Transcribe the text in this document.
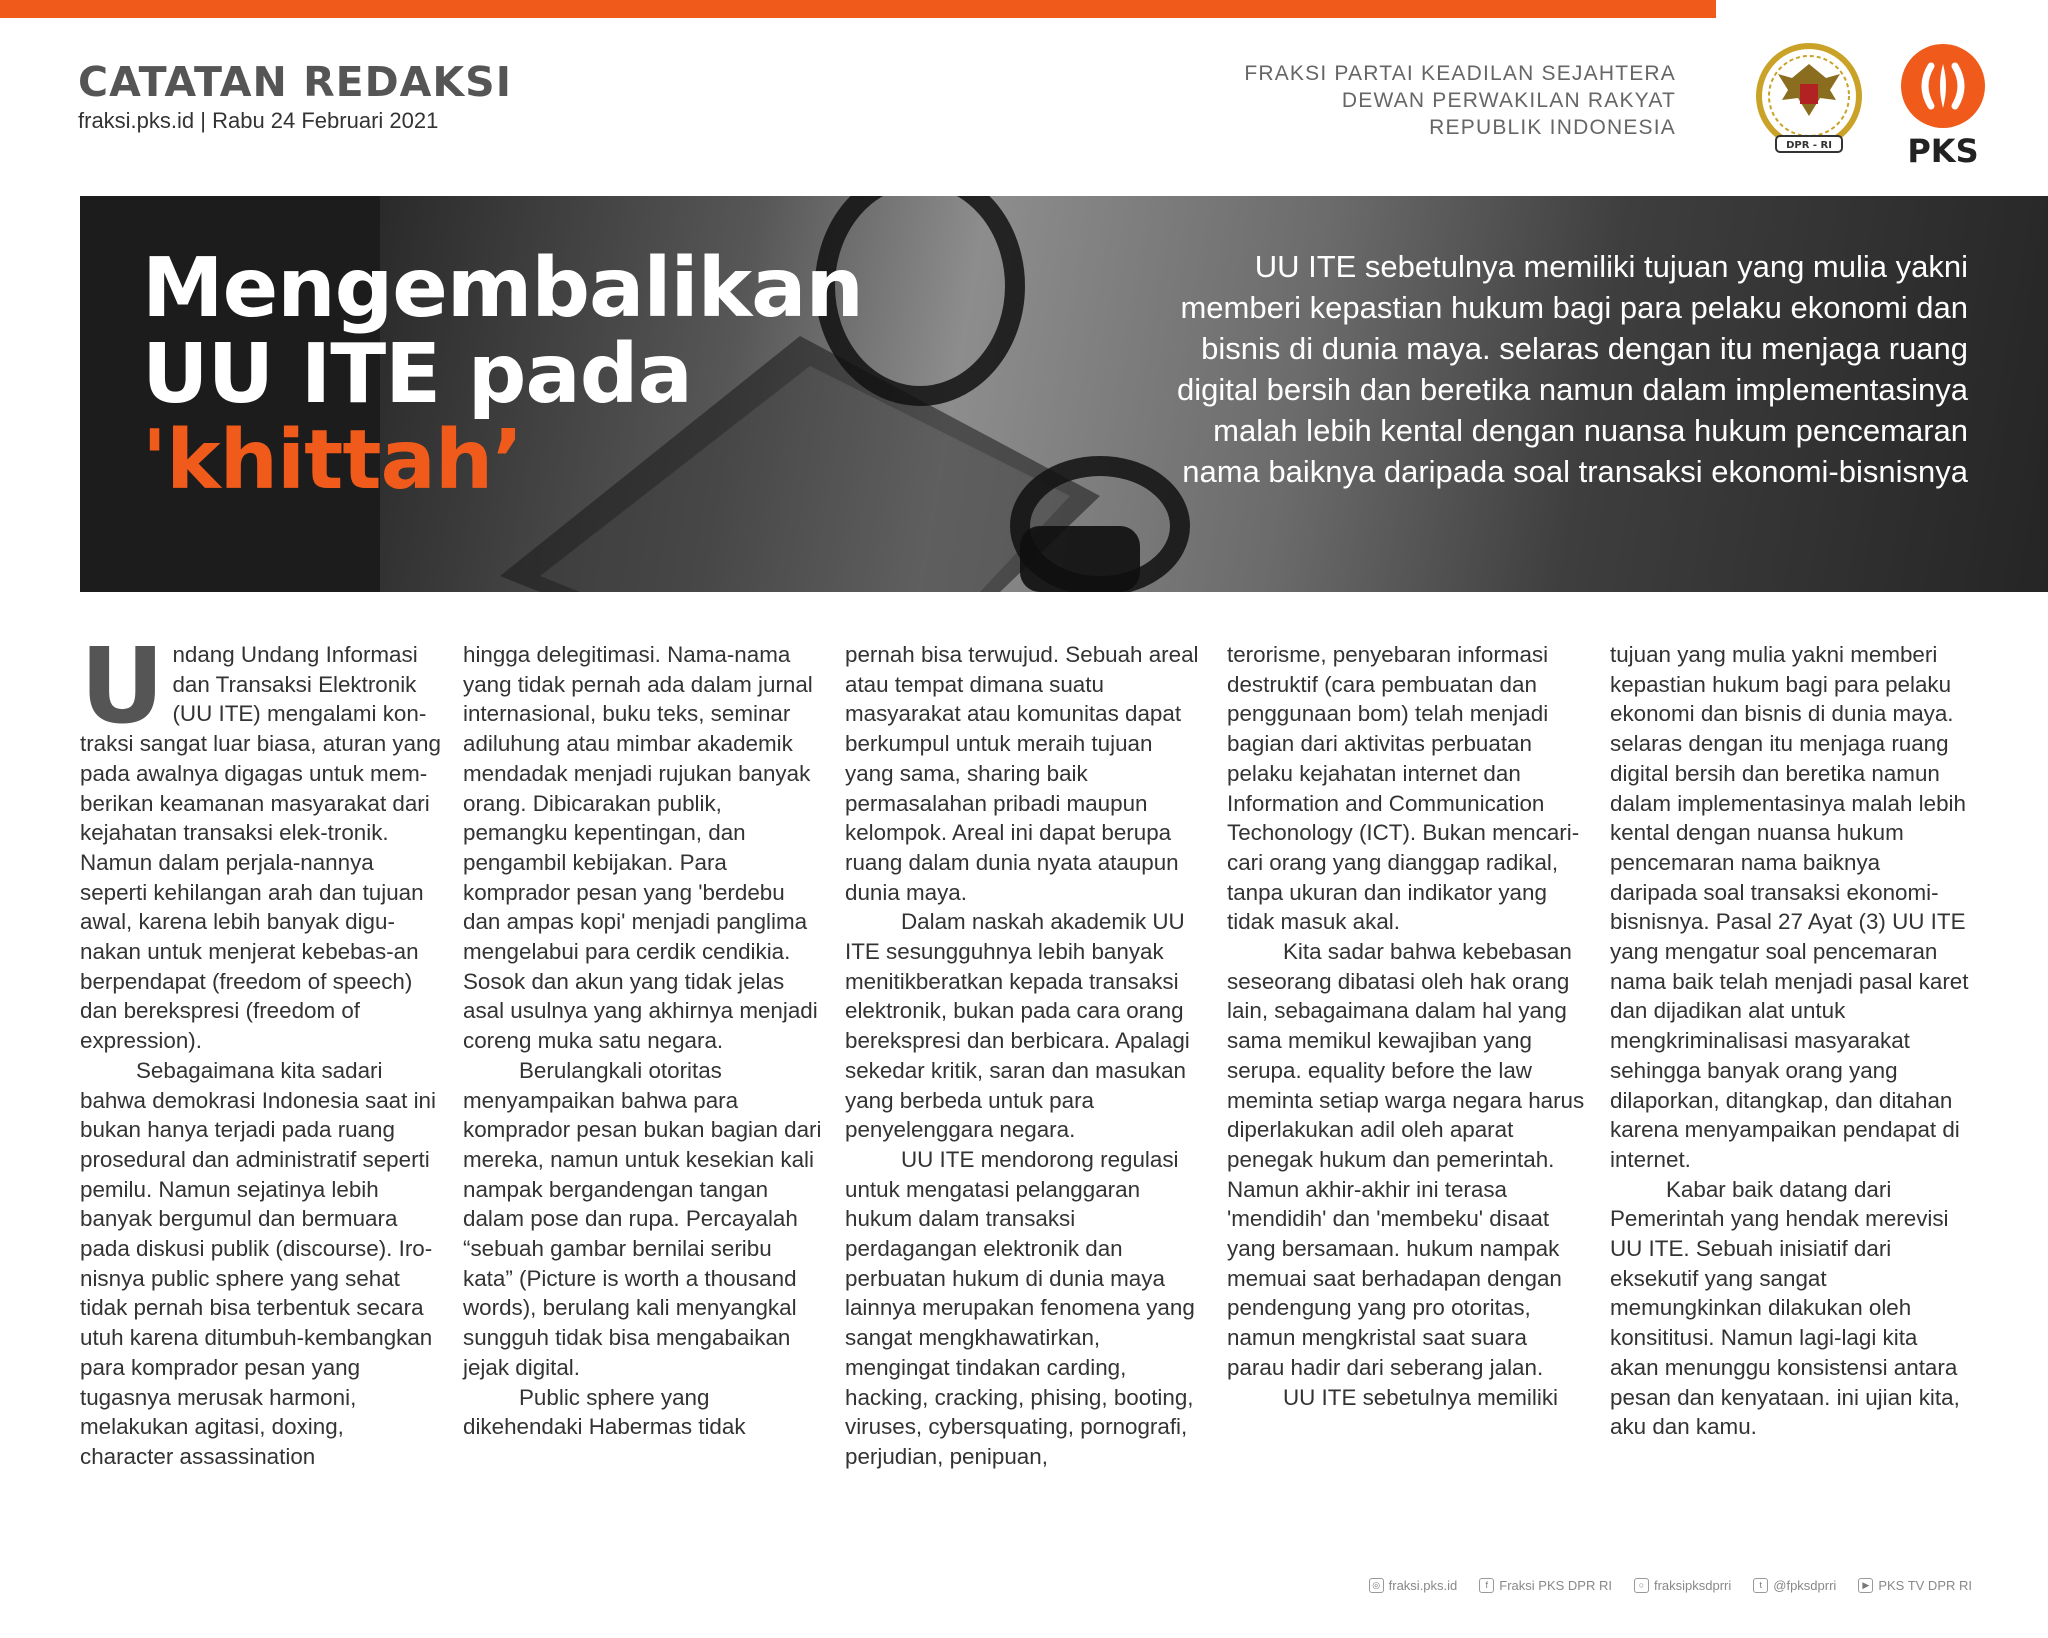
CATATAN REDAKSI
fraksi.pks.id | Rabu 24 Februari 2021
FRAKSI PARTAI KEADILAN SEJAHTERA
DEWAN PERWAKILAN RAKYAT
REPUBLIK INDONESIA
DPR - RI PKS
Mengembalikan
UU ITE pada
'khittah’
UU ITE sebetulnya memiliki tujuan yang mulia yakni memberi kepastian hukum bagi para pelaku ekonomi dan bisnis di dunia maya. selaras dengan itu menjaga ruang digital bersih dan beretika namun dalam implementasinya malah lebih kental dengan nuansa hukum pencemaran nama baiknya daripada soal transaksi ekonomi-bisnisnya
U ndang Undang Informasi dan Transaksi Elektronik (UU ITE) mengalami kon-traksi sangat luar biasa, aturan yang pada awalnya digagas untuk mem-berikan keamanan masyarakat dari kejahatan transaksi elek-tronik. Namun dalam perjala-nannya seperti kehilangan arah dan tujuan awal, karena lebih banyak digu-nakan untuk menjerat kebebas-an berpendapat (freedom of speech) dan berekspresi (freedom of expression).

Sebagaimana kita sadari bahwa demokrasi Indonesia saat ini bukan hanya terjadi pada ruang prosedural dan administratif seperti pemilu. Namun sejatinya lebih banyak bergumul dan bermuara pada diskusi publik (discourse). Iro-nisnya public sphere yang sehat tidak pernah bisa terbentuk secara utuh karena ditumbuh-kembangkan para komprador pesan yang tugasnya merusak harmoni, melakukan agitasi, doxing, character assassination

hingga delegitimasi. Nama-nama yang tidak pernah ada dalam jurnal internasional, buku teks, seminar adiluhung atau mimbar akademik mendadak menjadi rujukan banyak orang. Dibicarakan publik, pemangku kepentingan, dan pengambil kebijakan. Para komprador pesan yang 'berdebu dan ampas kopi' menjadi panglima mengelabui para cerdik cendikia. Sosok dan akun yang tidak jelas asal usulnya yang akhirnya menjadi coreng muka satu negara.

Berulangkali otoritas menyampaikan bahwa para komprador pesan bukan bagian dari mereka, namun untuk kesekian kali nampak bergandengan tangan dalam pose dan rupa. Percayalah “sebuah gambar bernilai seribu kata” (Picture is worth a thousand words), berulang kali menyangkal sungguh tidak bisa mengabaikan jejak digital.

Public sphere yang dikehendaki Habermas tidak

pernah bisa terwujud. Sebuah areal atau tempat dimana suatu masyarakat atau komunitas dapat berkumpul untuk meraih tujuan yang sama, sharing baik permasalahan pribadi maupun kelompok. Areal ini dapat berupa ruang dalam dunia nyata ataupun dunia maya.

Dalam naskah akademik UU ITE sesungguhnya lebih banyak menitikberatkan kepada transaksi elektronik, bukan pada cara orang berekspresi dan berbicara. Apalagi sekedar kritik, saran dan masukan yang berbeda untuk para penyelenggara negara.

UU ITE mendorong regulasi untuk mengatasi pelanggaran hukum dalam transaksi perdagangan elektronik dan perbuatan hukum di dunia maya lainnya merupakan fenomena yang sangat mengkhawatirkan, mengingat tindakan carding, hacking, cracking, phising, booting, viruses, cybersquating, pornografi, perjudian, penipuan,

terorisme, penyebaran informasi destruktif (cara pembuatan dan penggunaan bom) telah menjadi bagian dari aktivitas perbuatan pelaku kejahatan internet dan Information and Communication Techonology (ICT). Bukan mencari-cari orang yang dianggap radikal, tanpa ukuran dan indikator yang tidak masuk akal.

Kita sadar bahwa kebebasan seseorang dibatasi oleh hak orang lain, sebagaimana dalam hal yang sama memikul kewajiban yang serupa. equality before the law meminta setiap warga negara harus diperlakukan adil oleh aparat penegak hukum dan pemerintah. Namun akhir-akhir ini terasa 'mendidih' dan 'membeku' disaat yang bersamaan. hukum nampak memuai saat berhadapan dengan pendengung yang pro otoritas, namun mengkristal saat suara parau hadir dari seberang jalan.

UU ITE sebetulnya memiliki

tujuan yang mulia yakni memberi kepastian hukum bagi para pelaku ekonomi dan bisnis di dunia maya. selaras dengan itu menjaga ruang digital bersih dan beretika namun dalam implementasinya malah lebih kental dengan nuansa hukum pencemaran nama baiknya daripada soal transaksi ekonomi-bisnisnya. Pasal 27 Ayat (3) UU ITE yang mengatur soal pencemaran nama baik telah menjadi pasal karet dan dijadikan alat untuk mengkriminalisasi masyarakat sehingga banyak orang yang dilaporkan, ditangkap, dan ditahan karena menyampaikan pendapat di internet.

Kabar baik datang dari Pemerintah yang hendak merevisi UU ITE. Sebuah inisiatif dari eksekutif yang sangat memungkinkan dilakukan oleh konsititusi. Namun lagi-lagi kita akan menunggu konsistensi antara pesan dan kenyataan. ini ujian kita, aku dan kamu.

◎ fraksi.pks.id	f Fraksi PKS DPR RI	○ fraksipksdprri	t @fpksdprri	▶ PKS TV DPR RI
